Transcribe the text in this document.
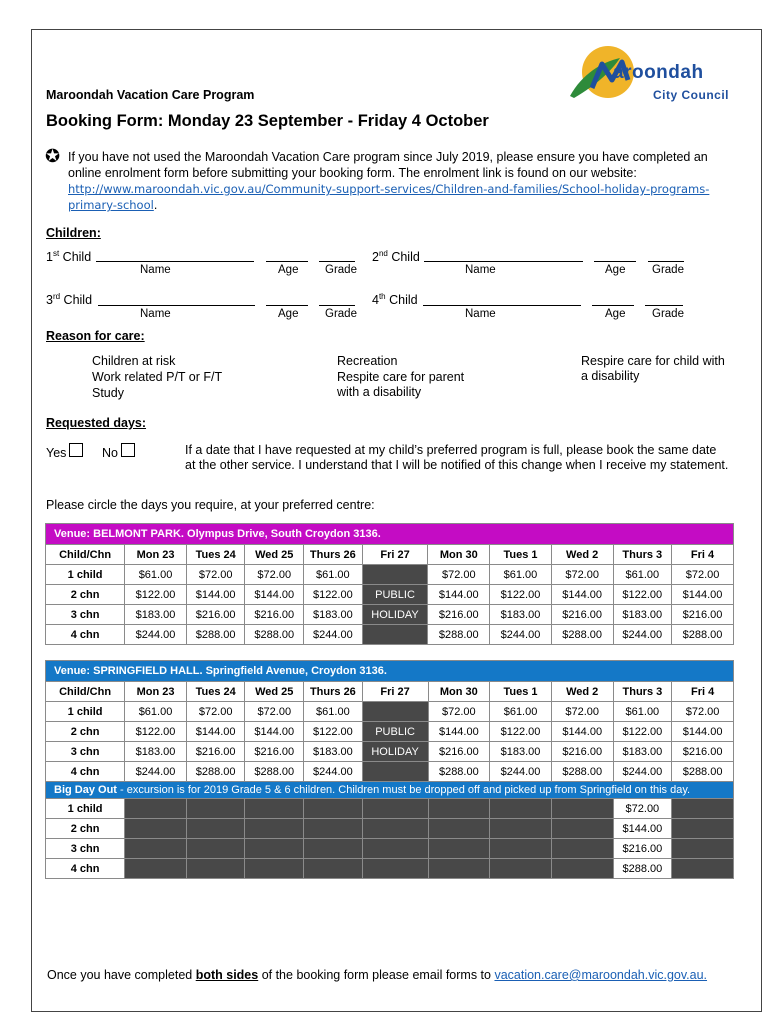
Maroondah Vacation Care Program
Booking Form: Monday 23 September - Friday 4 October
aroondah
City Council
✪ If you have not used the Maroondah Vacation Care program since July 2019, please ensure you have completed an online enrolment form before submitting your booking form. The enrolment link is found on our website:
http://www.maroondah.vic.gov.au/Community-support-services/Children-and-families/School-holiday-programs-primary-school.
Children:
1st Child
Name	Age Grade
2nd Child
Name	Age Grade
3rd Child
Name	Age Grade
4th Child
Name	Age Grade
Reason for care:
Children at risk
Work related P/T or F/T
Study
Recreation
Respite care for parent
with a disability
Respire care for child with
a disability
Requested days:
Yes	No	If a date that I have requested at my child’s preferred program is full, please book the same date at the other service. I understand that I will be notified of this change when I receive my statement.
Please circle the days you require, at your preferred centre:
Venue: BELMONT PARK. Olympus Drive, South Croydon 3136.										
Child/Chn	Mon 23	Tues 24	Wed 25	Thurs 26	Fri 27	Mon 30	Tues 1	Wed 2	Thurs 3	Fri 4
1 child	$61.00	$72.00	$72.00	$61.00		$72.00	$61.00	$72.00	$61.00	$72.00
2 chn	$122.00	$144.00	$144.00	$122.00	PUBLIC	$144.00	$122.00	$144.00	$122.00	$144.00
3 chn	$183.00	$216.00	$216.00	$183.00	HOLIDAY	$216.00	$183.00	$216.00	$183.00	$216.00
4 chn	$244.00	$288.00	$288.00	$244.00		$288.00	$244.00	$288.00	$244.00	$288.00
Venue: SPRINGFIELD HALL. Springfield Avenue, Croydon 3136.										
Child/Chn	Mon 23	Tues 24	Wed 25	Thurs 26	Fri 27	Mon 30	Tues 1	Wed 2	Thurs 3	Fri 4
1 child	$61.00	$72.00	$72.00	$61.00		$72.00	$61.00	$72.00	$61.00	$72.00
2 chn	$122.00	$144.00	$144.00	$122.00	PUBLIC	$144.00	$122.00	$144.00	$122.00	$144.00
3 chn	$183.00	$216.00	$216.00	$183.00	HOLIDAY	$216.00	$183.00	$216.00	$183.00	$216.00
4 chn	$244.00	$288.00	$288.00	$244.00		$288.00	$244.00	$288.00	$244.00	$288.00
Big Day Out - excursion is for 2019 Grade 5 & 6 children. Children must be dropped off and picked up from Springfield on this day.										
1 child									$72.00	
2 chn									$144.00	
3 chn									$216.00	
4 chn									$288.00	
Once you have completed both sides of the booking form please email forms to vacation.care@maroondah.vic.gov.au.
